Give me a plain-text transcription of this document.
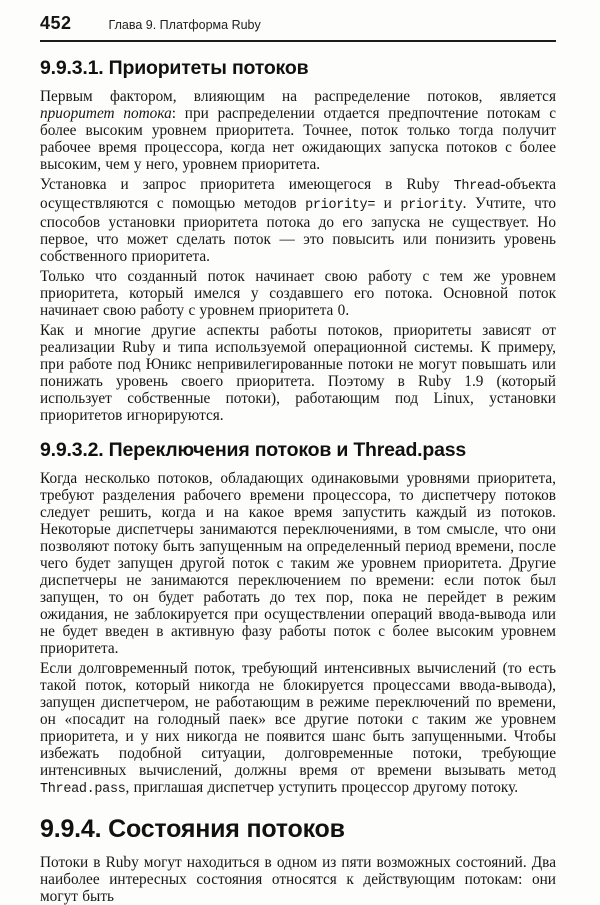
452	Глава 9. Платформа Ruby
9.9.3.1. Приоритеты потоков

Первым фактором, влияющим на распределение потоков, является приоритет потока: при распределении отдается предпочтение потокам с более высоким уровнем приоритета. Точнее, поток только тогда получит рабочее время процессора, когда нет ожидающих запуска потоков с более высоким, чем у него, уровнем приоритета.

Установка и запрос приоритета имеющегося в Ruby Thread-объекта осуществляются с помощью методов priority= и priority. Учтите, что способов установки приоритета потока до его запуска не существует. Но первое, что может сделать поток — это повысить или понизить уровень собственного приоритета.

Только что созданный поток начинает свою работу с тем же уровнем приоритета, который имелся у создавшего его потока. Основной поток начинает свою работу с уровнем приоритета 0.

Как и многие другие аспекты работы потоков, приоритеты зависят от реализации Ruby и типа используемой операционной системы. К примеру, при работе под Юникс непривилегированные потоки не могут повышать или понижать уровень своего приоритета. Поэтому в Ruby 1.9 (который использует собственные потоки), работающим под Linux, установки приоритетов игнорируются.

9.9.3.2. Переключения потоков и Thread.pass

Когда несколько потоков, обладающих одинаковыми уровнями приоритета, требуют разделения рабочего времени процессора, то диспетчеру потоков следует решить, когда и на какое время запустить каждый из потоков. Некоторые диспетчеры занимаются переключениями, в том смысле, что они позволяют потоку быть запущенным на определенный период времени, после чего будет запущен другой поток с таким же уровнем приоритета. Другие диспетчеры не занимаются переключением по времени: если поток был запущен, то он будет работать до тех пор, пока не перейдет в режим ожидания, не заблокируется при осуществлении операций ввода-вывода или не будет введен в активную фазу работы поток с более высоким уровнем приоритета.

Если долговременный поток, требующий интенсивных вычислений (то есть такой поток, который никогда не блокируется процессами ввода-вывода), запущен диспетчером, не работающим в режиме переключений по времени, он «посадит на голодный паек» все другие потоки с таким же уровнем приоритета, и у них никогда не появится шанс быть запущенными. Чтобы избежать подобной ситуации, долговременные потоки, требующие интенсивных вычислений, должны время от времени вызывать метод Thread.pass, приглашая диспетчер уступить процессор другому потоку.

9.9.4. Состояния потоков

Потоки в Ruby могут находиться в одном из пяти возможных состояний. Два наиболее интересных состояния относятся к действующим потокам: они могут быть
